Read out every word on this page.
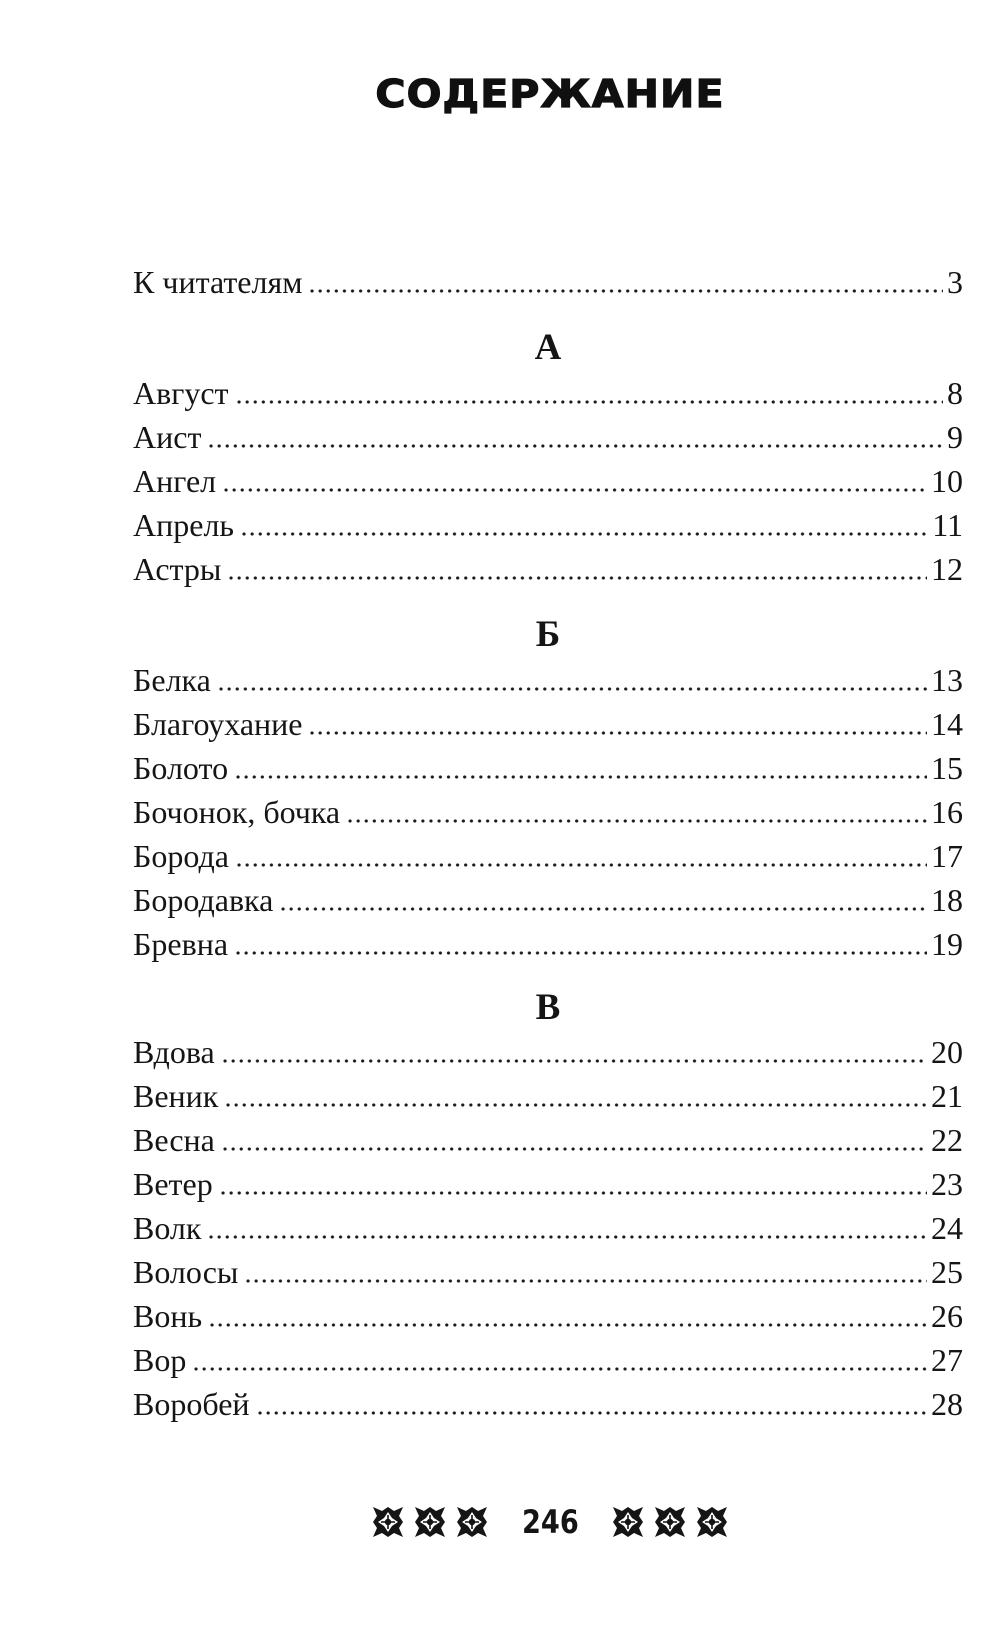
СОДЕРЖАНИЕ
К читателям	3
А
Август	8
Аист	9
Ангел	10
Апрель	11
Астры	12
Б
Белка	13
Благоухание	14
Болото	15
Бочонок, бочка	16
Борода	17
Бородавка	18
Бревна	19
В
Вдова	20
Веник	21
Весна	22
Ветер	23
Волк	24
Волосы	25
Вонь	26
Вор	27
Воробей	28
246
